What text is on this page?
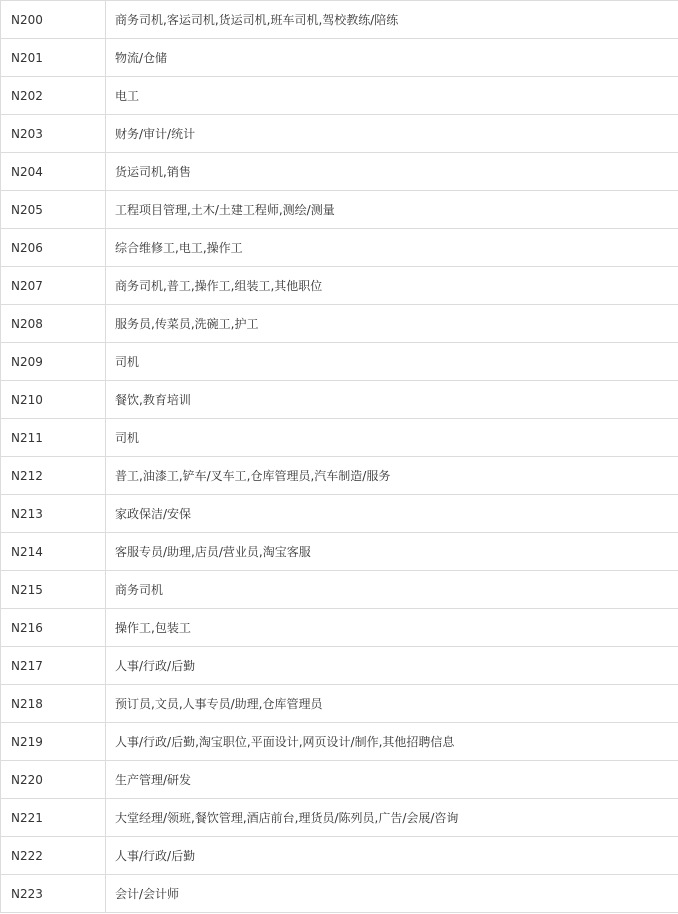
N200	商务司机,客运司机,货运司机,班车司机,驾校教练/陪练
N201	物流/仓储
N202	电工
N203	财务/审计/统计
N204	货运司机,销售
N205	工程项目管理,土木/土建工程师,测绘/测量
N206	综合维修工,电工,操作工
N207	商务司机,普工,操作工,组装工,其他职位
N208	服务员,传菜员,洗碗工,护工
N209	司机
N210	餐饮,教育培训
N211	司机
N212	普工,油漆工,铲车/叉车工,仓库管理员,汽车制造/服务
N213	家政保洁/安保
N214	客服专员/助理,店员/营业员,淘宝客服
N215	商务司机
N216	操作工,包装工
N217	人事/行政/后勤
N218	预订员,文员,人事专员/助理,仓库管理员
N219	人事/行政/后勤,淘宝职位,平面设计,网页设计/制作,其他招聘信息
N220	生产管理/研发
N221	大堂经理/领班,餐饮管理,酒店前台,理货员/陈列员,广告/会展/咨询
N222	人事/行政/后勤
N223	会计/会计师
